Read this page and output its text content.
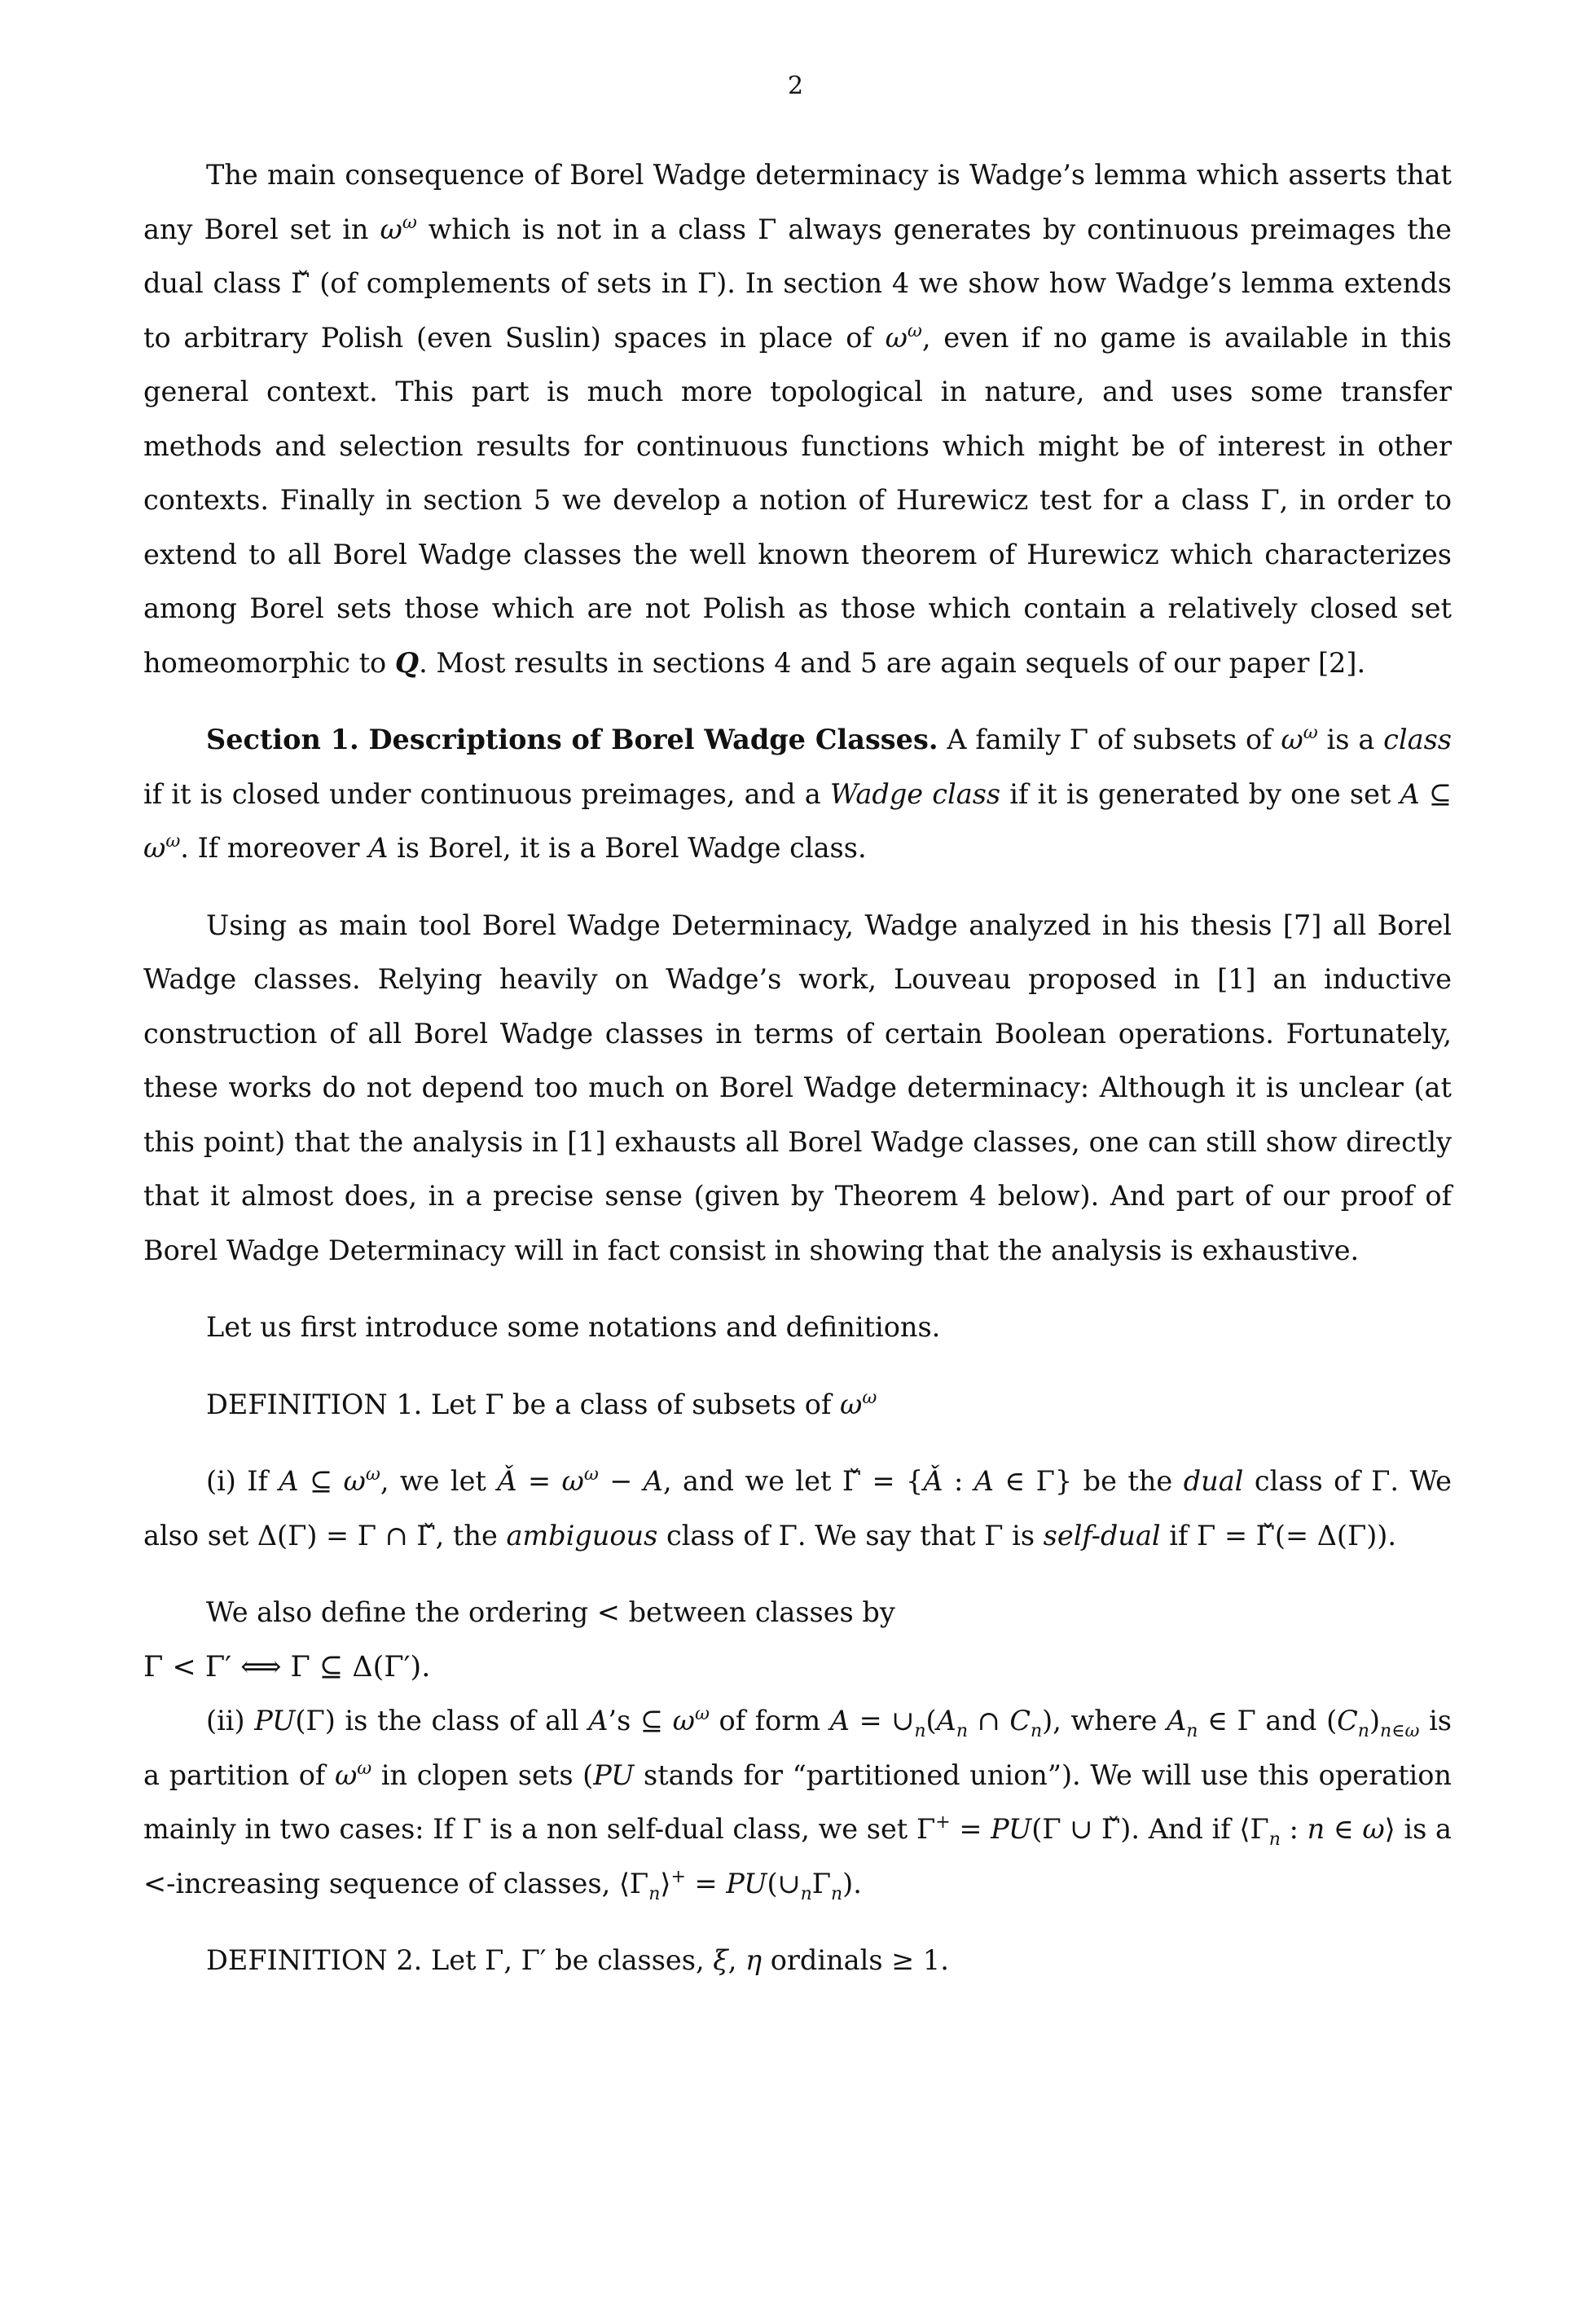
2

The main consequence of Borel Wadge determinacy is Wadge’s lemma which asserts that any Borel set in $\omega^\omega$ which is not in a class Γ always generates by continuous preimages the dual class Γ̌ (of complements of sets in Γ). In section 4 we show how Wadge’s lemma extends to arbitrary Polish (even Suslin) spaces in place of $\omega^\omega$, even if no game is available in this general context. This part is much more topological in nature, and uses some transfer methods and selection results for continuous functions which might be of interest in other contexts. Finally in section 5 we develop a notion of Hurewicz test for a class Γ, in order to extend to all Borel Wadge classes the well known theorem of Hurewicz which characterizes among Borel sets those which are not Polish as those which contain a relatively closed set homeomorphic to Q. Most results in sections 4 and 5 are again sequels of our paper [2].

Section 1. Descriptions of Borel Wadge Classes. A family Γ of subsets of $\omega^\omega$ is a class if it is closed under continuous preimages, and a Wadge class if it is generated by one set A ⊆ $\omega^\omega$. If moreover A is Borel, it is a Borel Wadge class.

Using as main tool Borel Wadge Determinacy, Wadge analyzed in his thesis [7] all Borel Wadge classes. Relying heavily on Wadge’s work, Louveau proposed in [1] an inductive construction of all Borel Wadge classes in terms of certain Boolean operations. Fortunately, these works do not depend too much on Borel Wadge determinacy: Although it is unclear (at this point) that the analysis in [1] exhausts all Borel Wadge classes, one can still show directly that it almost does, in a precise sense (given by Theorem 4 below). And part of our proof of Borel Wadge Determinacy will in fact consist in showing that the analysis is exhaustive.

Let us first introduce some notations and definitions.

DEFINITION 1. Let Γ be a class of subsets of $\omega^\omega$

(i) If A ⊆ $\omega^\omega$, we let Ǎ = $\omega^\omega - A$, and we let Γ̌ = {Ǎ : A ∈ Γ} be the dual class of Γ. We also set Δ(Γ) = Γ ∩ Γ̌, the ambiguous class of Γ. We say that Γ is self-dual if Γ = Γ̌(= Δ(Γ)).

We also define the ordering < between classes by

Γ < Γ′ ⟺ Γ ⊆ Δ(Γ′).

(ii) PU(Γ) is the class of all A’s ⊆ $\omega^\omega$ of form $A = \cup_n(A_n$ ∩ $C_n$), where $A_n$ ∈ Γ and $(C_n)_{n\in\omega}$ is a partition of $\omega^\omega$ in clopen sets (PU stands for “partitioned union”). We will use this operation mainly in two cases: If Γ is a non self-dual class, we set Γ+ = PU(Γ ∪ Γ̌). And if $⟨\Gamma_n$ : n ∈ ω⟩ is a <-increasing sequence of classes, $⟨\Gamma_n⟩^+$ = $PU(\cup_n\Gamma_n)$.

DEFINITION 2. Let Γ, Γ′ be classes, ξ, η ordinals ≥ 1.
